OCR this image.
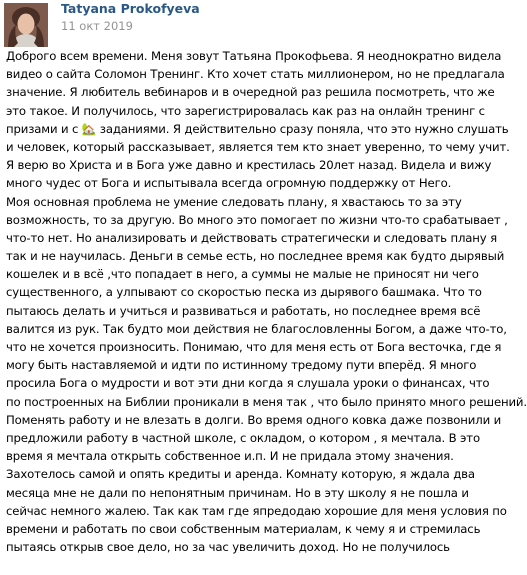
Tatyana Prokofyeva
11 окт 2019
Доброго всем времени. Меня зовут Татьяна Прокофьева. Я неоднократно видела
видео о сайта Соломон Тренинг. Кто хочет стать миллионером, но не предлагала
значение. Я любитель вебинаров и в очередной раз решила посмотреть, что же
это такое. И получилось, что зарегистрировалась как раз на онлайн тренинг с
призами и с 🏡 заданиями. Я действительно сразу поняла, что это нужно слушать
и человек, который рассказывает, является тем кто знает уверенно, то чему учит.
Я верю во Христа и в Бога уже давно и крестилась 20лет назад. Видела и вижу
много чудес от Бога и испытывала всегда огромную поддержку от Него.
Моя основная проблема не умение следовать плану, я хвастаюсь то за эту
возможность, то за другую. Во много это помогает по жизни что-то срабатывает ,
что-то нет. Но анализировать и действовать стратегически и следовать плану я
так и не научилась. Деньги в семье есть, но последнее время как будто дырявый
кошелек и в всё ,что попадает в него, а суммы не малые не приносят ни чего
существенного, а улпывают со скоростью песка из дырявого башмака. Что то
пытаюсь делать и учиться и развиваться и работать, но последнее время всё
валится из рук. Так будто мои действия не благословленны Богом, а даже что-то,
что не хочется произносить. Понимаю, что для меня есть от Бога весточка, где я
могу быть наставляемой и идти по истинному тредому пути вперёд. Я много
просила Бога о мудрости и вот эти дни когда я слушала уроки о финансах, что
по построенных на Библии проникали в меня так , что было принято много решений.
Поменять работу и не влезать в долги. Во время одного ковка даже позвонили и
предложили работу в частной школе, с окладом, о котором , я мечтала. В это
время я мечтала открыть собственное и.п. И не придала этому значения.
Захотелось самой и опять кредиты и аренда. Комнату которую, я ждала два
месяца мне не дали по непонятным причинам. Но в эту школу я не пошла и
сейчас немного жалею. Так как там где япредодаю хорошие для меня условия по
времени и работать по свои собственным материалам, к чему я и стремилась
пытаясь открыв свое дело, но за час увеличить доход. Но не получилось
